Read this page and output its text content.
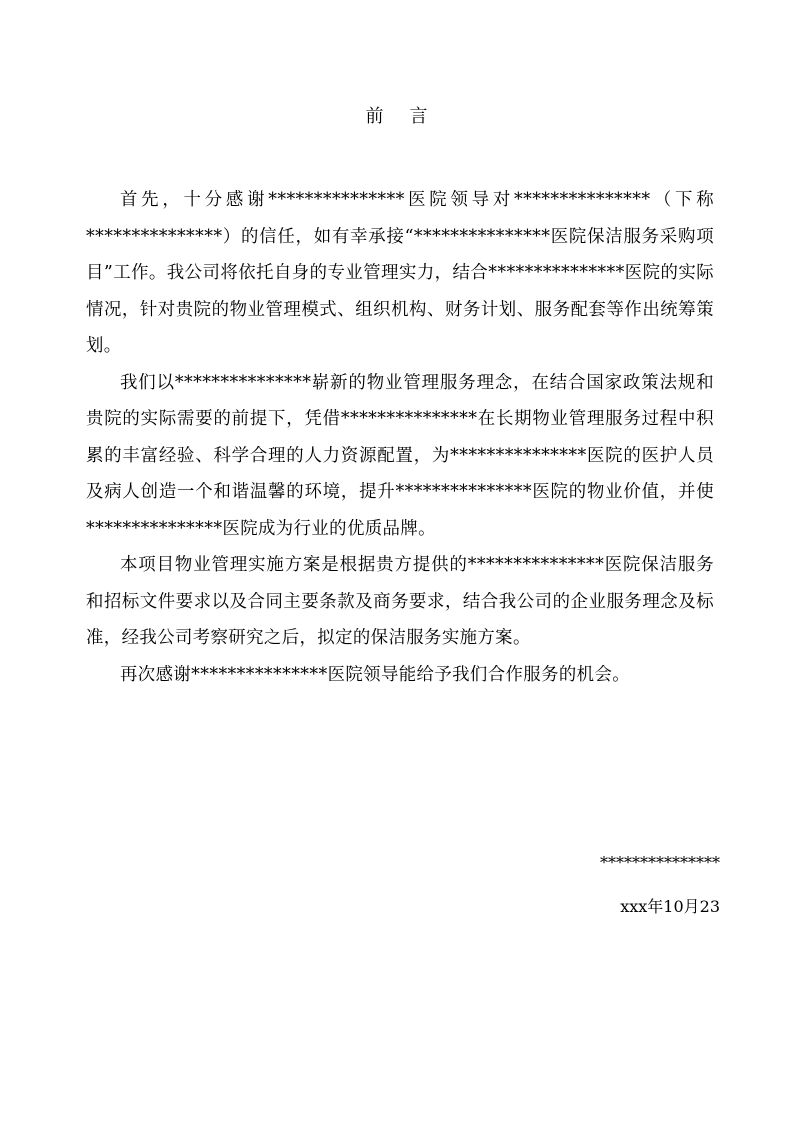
前言

首先，十分感谢***************医院领导对***************（下称***************）的信任，如有幸承接“***************医院保洁服务采购项目”工作。我公司将依托自身的专业管理实力，结合***************医院的实际情况，针对贵院的物业管理模式、组织机构、财务计划、服务配套等作出统筹策划。

我们以***************崭新的物业管理服务理念，在结合国家政策法规和贵院的实际需要的前提下，凭借***************在长期物业管理服务过程中积累的丰富经验、科学合理的人力资源配置，为***************医院的医护人员及病人创造一个和谐温馨的环境，提升***************医院的物业价值，并使***************医院成为行业的优质品牌。

本项目物业管理实施方案是根据贵方提供的***************医院保洁服务和招标文件要求以及合同主要条款及商务要求，结合我公司的企业服务理念及标准，经我公司考察研究之后，拟定的保洁服务实施方案。

再次感谢***************医院领导能给予我们合作服务的机会。

***************
xxx年10月23
